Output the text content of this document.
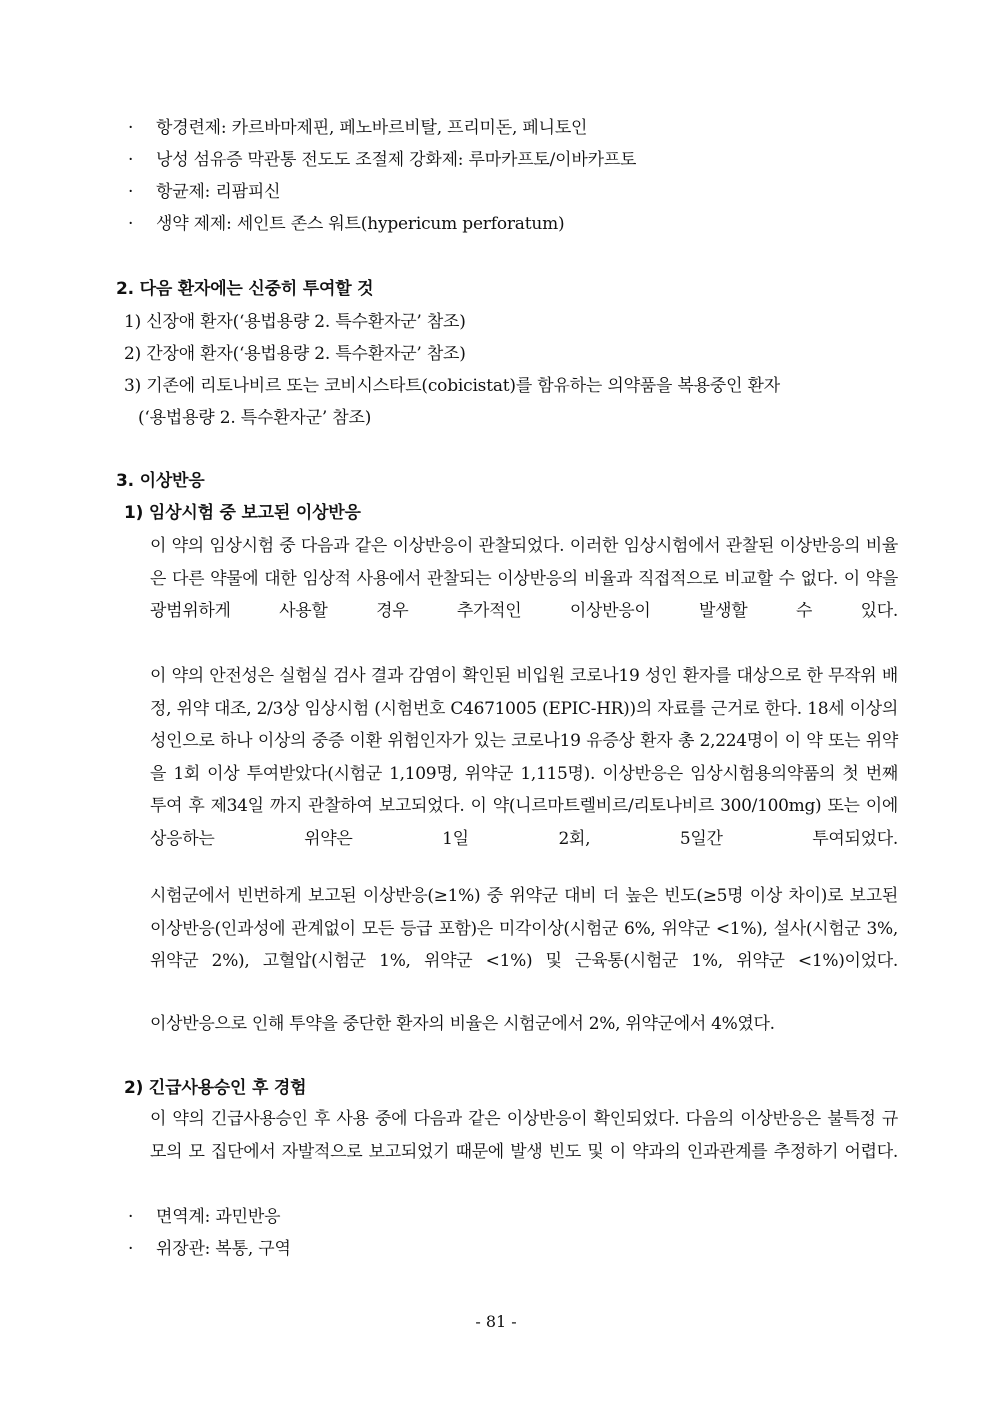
· 항경련제: 카르바마제핀, 페노바르비탈, 프리미돈, 페니토인
· 낭성 섬유증 막관통 전도도 조절제 강화제: 루마카프토/이바카프토
· 항균제: 리팜피신
· 생약 제제: 세인트 존스 워트(hypericum perforatum)
2. 다음 환자에는 신중히 투여할 것
1) 신장애 환자(‘용법용량 2. 특수환자군’ 참조)
2) 간장애 환자(‘용법용량 2. 특수환자군’ 참조)
3) 기존에 리토나비르 또는 코비시스타트(cobicistat)를 함유하는 의약품을 복용중인 환자
(‘용법용량 2. 특수환자군’ 참조)
3. 이상반응
1) 임상시험 중 보고된 이상반응
이 약의 임상시험 중 다음과 같은 이상반응이 관찰되었다. 이러한 임상시험에서 관찰된 이상반응의 비율은 다른 약물에 대한 임상적 사용에서 관찰되는 이상반응의 비율과 직접적으로 비교할 수 없다. 이 약을 광범위하게 사용할 경우 추가적인 이상반응이 발생할 수 있다.
이 약의 안전성은 실험실 검사 결과 감염이 확인된 비입원 코로나19 성인 환자를 대상으로 한 무작위 배정, 위약 대조, 2/3상 임상시험 (시험번호 C4671005 (EPIC-HR))의 자료를 근거로 한다. 18세 이상의 성인으로 하나 이상의 중증 이환 위험인자가 있는 코로나19 유증상 환자 총 2,224명이 이 약 또는 위약을 1회 이상 투여받았다(시험군 1,109명, 위약군 1,115명). 이상반응은 임상시험용의약품의 첫 번째 투여 후 제34일 까지 관찰하여 보고되었다. 이 약(니르마트렐비르/리토나비르 300/100mg) 또는 이에 상응하는 위약은 1일 2회, 5일간 투여되었다.
시험군에서 빈번하게 보고된 이상반응(≥1%) 중 위약군 대비 더 높은 빈도(≥5명 이상 차이)로 보고된 이상반응(인과성에 관계없이 모든 등급 포함)은 미각이상(시험군 6%, 위약군 <1%), 설사(시험군 3%, 위약군 2%), 고혈압(시험군 1%, 위약군 <1%) 및 근육통(시험군 1%, 위약군 <1%)이었다.
이상반응으로 인해 투약을 중단한 환자의 비율은 시험군에서 2%, 위약군에서 4%였다.
2) 긴급사용승인 후 경험
이 약의 긴급사용승인 후 사용 중에 다음과 같은 이상반응이 확인되었다. 다음의 이상반응은 불특정 규모의 모 집단에서 자발적으로 보고되었기 때문에 발생 빈도 및 이 약과의 인과관계를 추정하기 어렵다.
· 면역계: 과민반응
· 위장관: 복통, 구역
- 81 -
